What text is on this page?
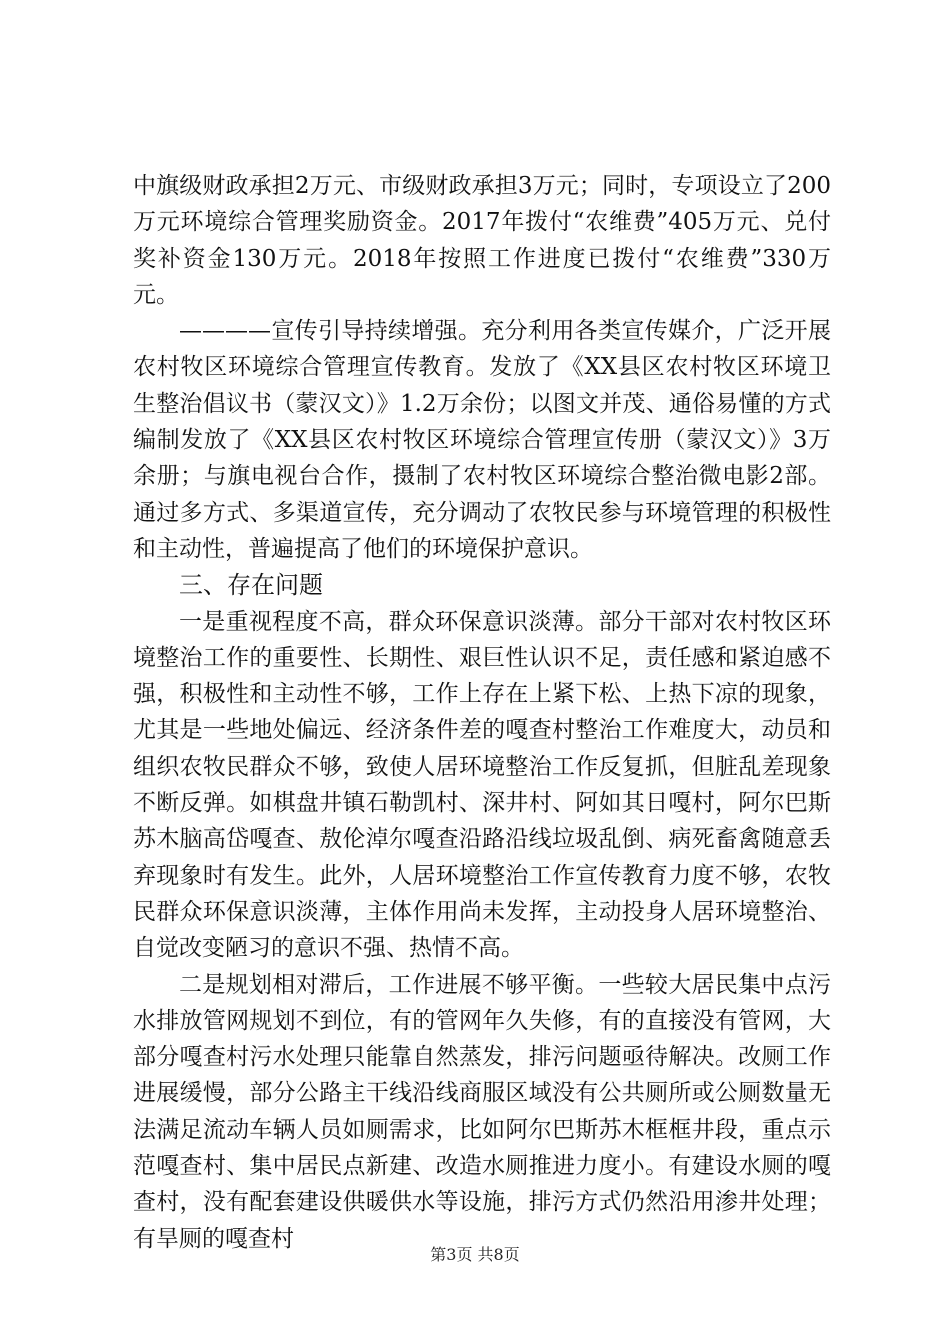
中旗级财政承担2万元、市级财政承担3万元；同时，专项设立了200万元环境综合管理奖励资金。2017年拨付“农维费”405万元、兑付奖补资金130万元。2018年按照工作进度已拨付“农维费”330万元。

————宣传引导持续增强。充分利用各类宣传媒介，广泛开展农村牧区环境综合管理宣传教育。发放了《XX县区农村牧区环境卫生整治倡议书（蒙汉文）》1.2万余份；以图文并茂、通俗易懂的方式编制发放了《XX县区农村牧区环境综合管理宣传册（蒙汉文）》3万余册；与旗电视台合作，摄制了农村牧区环境综合整治微电影2部。通过多方式、多渠道宣传，充分调动了农牧民参与环境管理的积极性和主动性，普遍提高了他们的环境保护意识。

三、存在问题

一是重视程度不高，群众环保意识淡薄。部分干部对农村牧区环境整治工作的重要性、长期性、艰巨性认识不足，责任感和紧迫感不强，积极性和主动性不够，工作上存在上紧下松、上热下凉的现象，尤其是一些地处偏远、经济条件差的嘎查村整治工作难度大，动员和组织农牧民群众不够，致使人居环境整治工作反复抓，但脏乱差现象不断反弹。如棋盘井镇石勒凯村、深井村、阿如其日嘎村，阿尔巴斯苏木脑高岱嘎查、敖伦淖尔嘎查沿路沿线垃圾乱倒、病死畜禽随意丢弃现象时有发生。此外，人居环境整治工作宣传教育力度不够，农牧民群众环保意识淡薄，主体作用尚未发挥，主动投身人居环境整治、自觉改变陋习的意识不强、热情不高。

二是规划相对滞后，工作进展不够平衡。一些较大居民集中点污水排放管网规划不到位，有的管网年久失修，有的直接没有管网，大部分嘎查村污水处理只能靠自然蒸发，排污问题亟待解决。改厕工作进展缓慢，部分公路主干线沿线商服区域没有公共厕所或公厕数量无法满足流动车辆人员如厕需求，比如阿尔巴斯苏木框框井段，重点示范嘎查村、集中居民点新建、改造水厕推进力度小。有建设水厕的嘎查村，没有配套建设供暖供水等设施，排污方式仍然沿用渗井处理；有旱厕的嘎查村

第3页 共8页
